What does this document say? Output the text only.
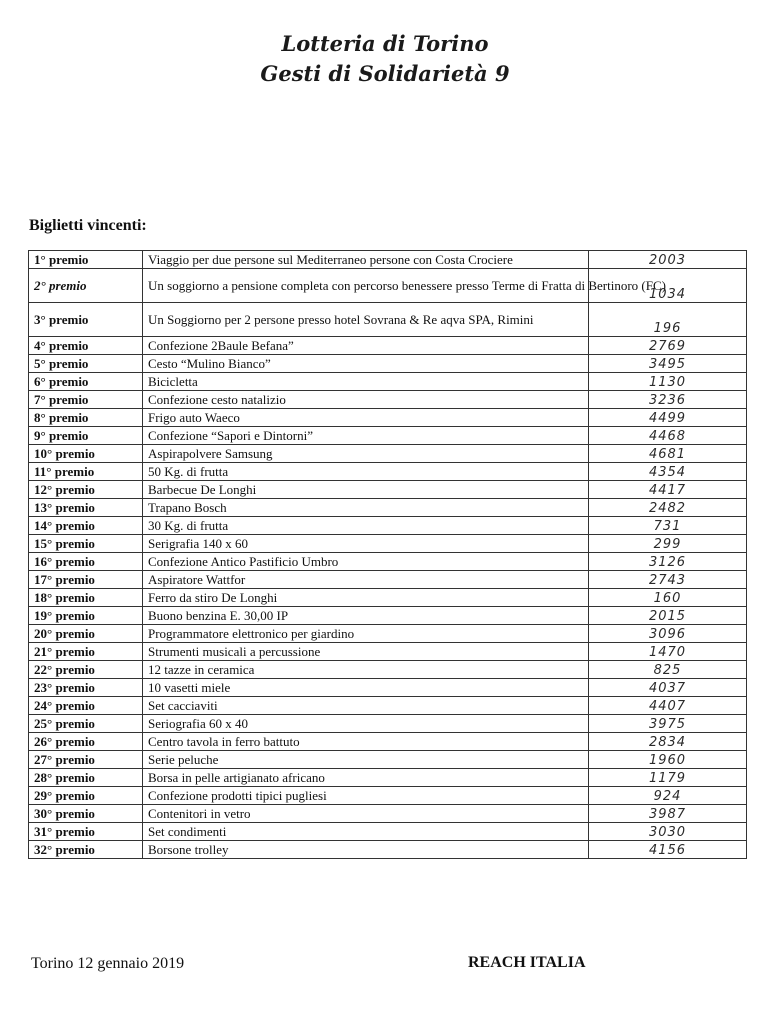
Lotteria di Torino
Gesti di Solidarietà 9
Biglietti vincenti:
1° premio	Viaggio per due persone sul Mediterraneo persone con Costa Crociere	2003
2° premio	Un soggiorno a pensione completa con percorso benessere presso Terme di Fratta di Bertinoro (FC)	1034
3° premio	Un Soggiorno per 2 persone presso hotel Sovrana & Re aqva SPA, Rimini	196
4° premio	Confezione 2Baule Befana”	2769
5° premio	Cesto “Mulino Bianco”	3495
6° premio	Bicicletta	1130
7° premio	Confezione cesto natalizio	3236
8° premio	Frigo auto Waeco	4499
9° premio	Confezione “Sapori e Dintorni”	4468
10° premio	Aspirapolvere Samsung	4681
11° premio	50 Kg. di frutta	4354
12° premio	Barbecue De Longhi	4417
13° premio	Trapano Bosch	2482
14° premio	30 Kg. di frutta	731
15° premio	Serigrafia 140 x 60	299
16° premio	Confezione Antico Pastificio Umbro	3126
17° premio	Aspiratore Wattfor	2743
18° premio	Ferro da stiro De Longhi	160
19° premio	Buono benzina E. 30,00 IP	2015
20° premio	Programmatore elettronico per giardino	3096
21° premio	Strumenti musicali a percussione	1470
22° premio	12 tazze in ceramica	825
23° premio	10 vasetti miele	4037
24° premio	Set cacciaviti	4407
25° premio	Seriografia 60 x 40	3975
26° premio	Centro tavola in ferro battuto	2834
27° premio	Serie peluche	1960
28° premio	Borsa in pelle artigianato africano	1179
29° premio	Confezione prodotti tipici pugliesi	924
30° premio	Contenitori in vetro	3987
31° premio	Set condimenti	3030
32° premio	Borsone trolley	4156
Torino 12 gennaio 2019	REACH ITALIA
